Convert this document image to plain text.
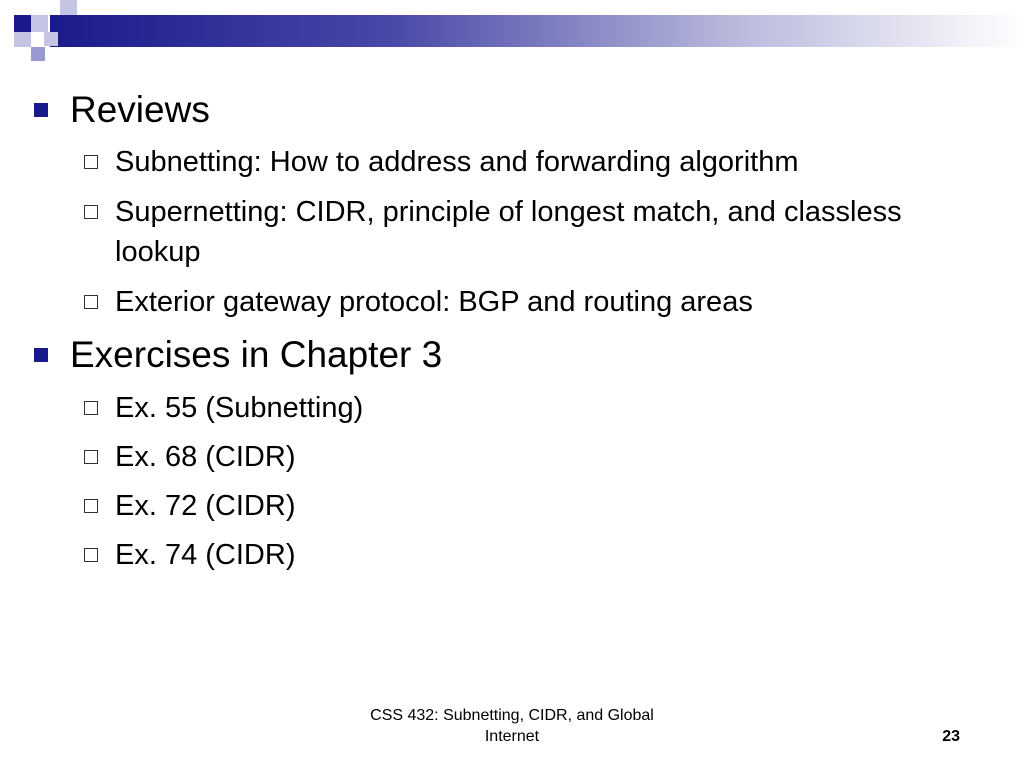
Reviews
Subnetting: How to address and forwarding algorithm
Supernetting: CIDR, principle of longest match, and classless lookup
Exterior gateway protocol: BGP and routing areas
Exercises in Chapter 3
Ex. 55 (Subnetting)
Ex. 68 (CIDR)
Ex. 72 (CIDR)
Ex. 74 (CIDR)
CSS 432: Subnetting, CIDR, and Global
Internet	23
